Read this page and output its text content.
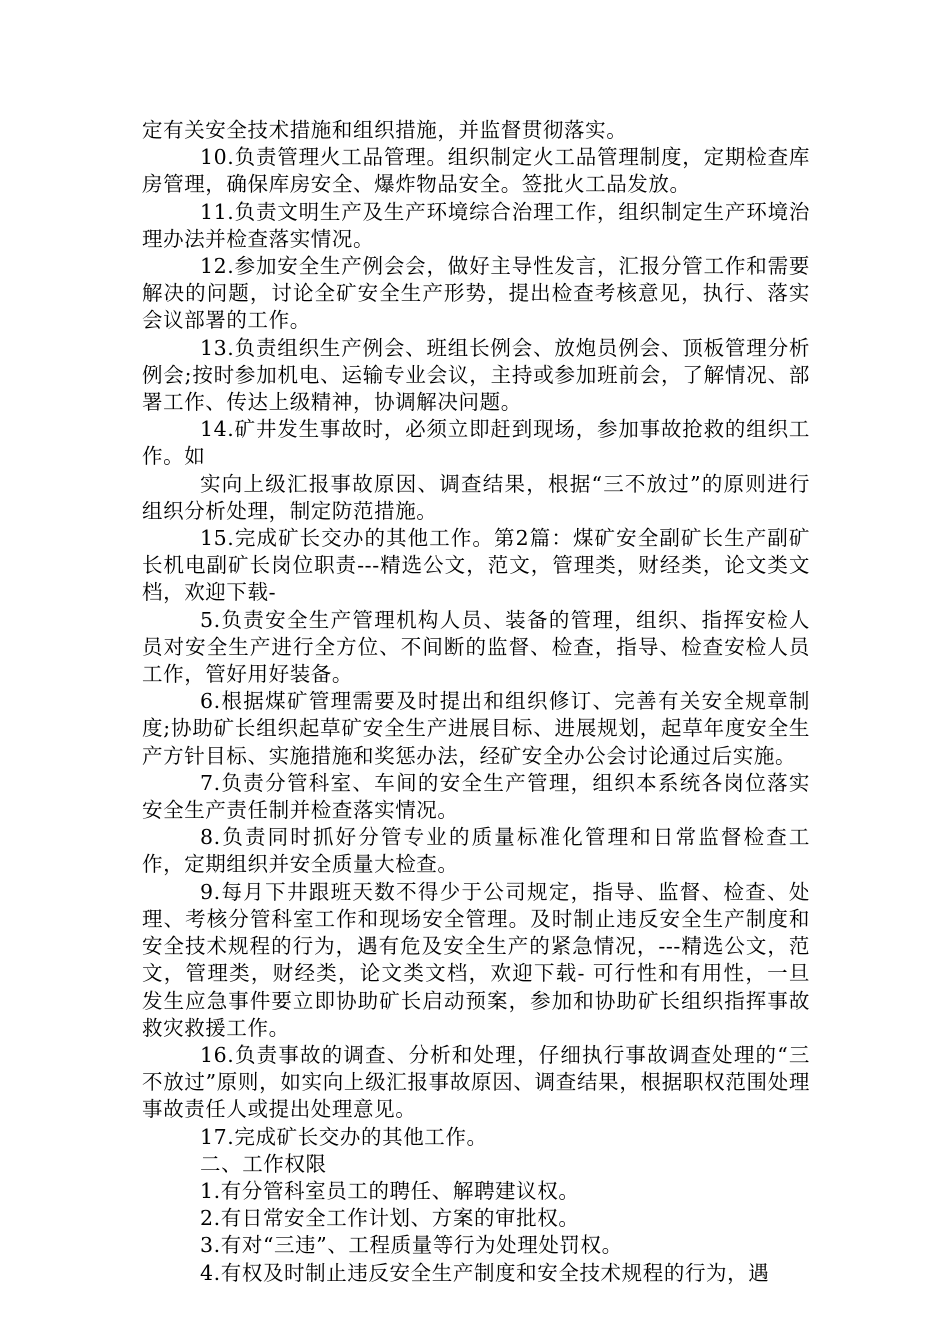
定有关安全技术措施和组织措施，并监督贯彻落实。

10.负责管理火工品管理。组织制定火工品管理制度，定期检查库房管理，确保库房安全、爆炸物品安全。签批火工品发放。

11.负责文明生产及生产环境综合治理工作，组织制定生产环境治理办法并检查落实情况。

12.参加安全生产例会会，做好主导性发言，汇报分管工作和需要解决的问题，讨论全矿安全生产形势，提出检查考核意见，执行、落实会议部署的工作。

13.负责组织生产例会、班组长例会、放炮员例会、顶板管理分析例会;按时参加机电、运输专业会议，主持或参加班前会，了解情况、部署工作、传达上级精神，协调解决问题。

14.矿井发生事故时，必须立即赶到现场，参加事故抢救的组织工作。如

实向上级汇报事故原因、调查结果，根据“三不放过”的原则进行组织分析处理，制定防范措施。

15.完成矿长交办的其他工作。第2篇：煤矿安全副矿长生产副矿长机电副矿长岗位职责---精选公文，范文，管理类，财经类，论文类文档，欢迎下载-

5.负责安全生产管理机构人员、装备的管理，组织、指挥安检人员对安全生产进行全方位、不间断的监督、检查，指导、检查安检人员工作，管好用好装备。

6.根据煤矿管理需要及时提出和组织修订、完善有关安全规章制度;协助矿长组织起草矿安全生产进展目标、进展规划，起草年度安全生产方针目标、实施措施和奖惩办法，经矿安全办公会讨论通过后实施。

7.负责分管科室、车间的安全生产管理，组织本系统各岗位落实安全生产责任制并检查落实情况。

8.负责同时抓好分管专业的质量标准化管理和日常监督检查工作，定期组织并安全质量大检查。

9.每月下井跟班天数不得少于公司规定，指导、监督、检查、处理、考核分管科室工作和现场安全管理。及时制止违反安全生产制度和安全技术规程的行为，遇有危及安全生产的紧急情况，---精选公文，范文，管理类，财经类，论文类文档，欢迎下载- 可行性和有用性，一旦发生应急事件要立即协助矿长启动预案，参加和协助矿长组织指挥事故救灾救援工作。

16.负责事故的调查、分析和处理，仔细执行事故调查处理的“三不放过”原则，如实向上级汇报事故原因、调查结果，根据职权范围处理事故责任人或提出处理意见。

17.完成矿长交办的其他工作。

二、工作权限

1.有分管科室员工的聘任、解聘建议权。

2.有日常安全工作计划、方案的审批权。

3.有对“三违”、工程质量等行为处理处罚权。

4.有权及时制止违反安全生产制度和安全技术规程的行为，遇
